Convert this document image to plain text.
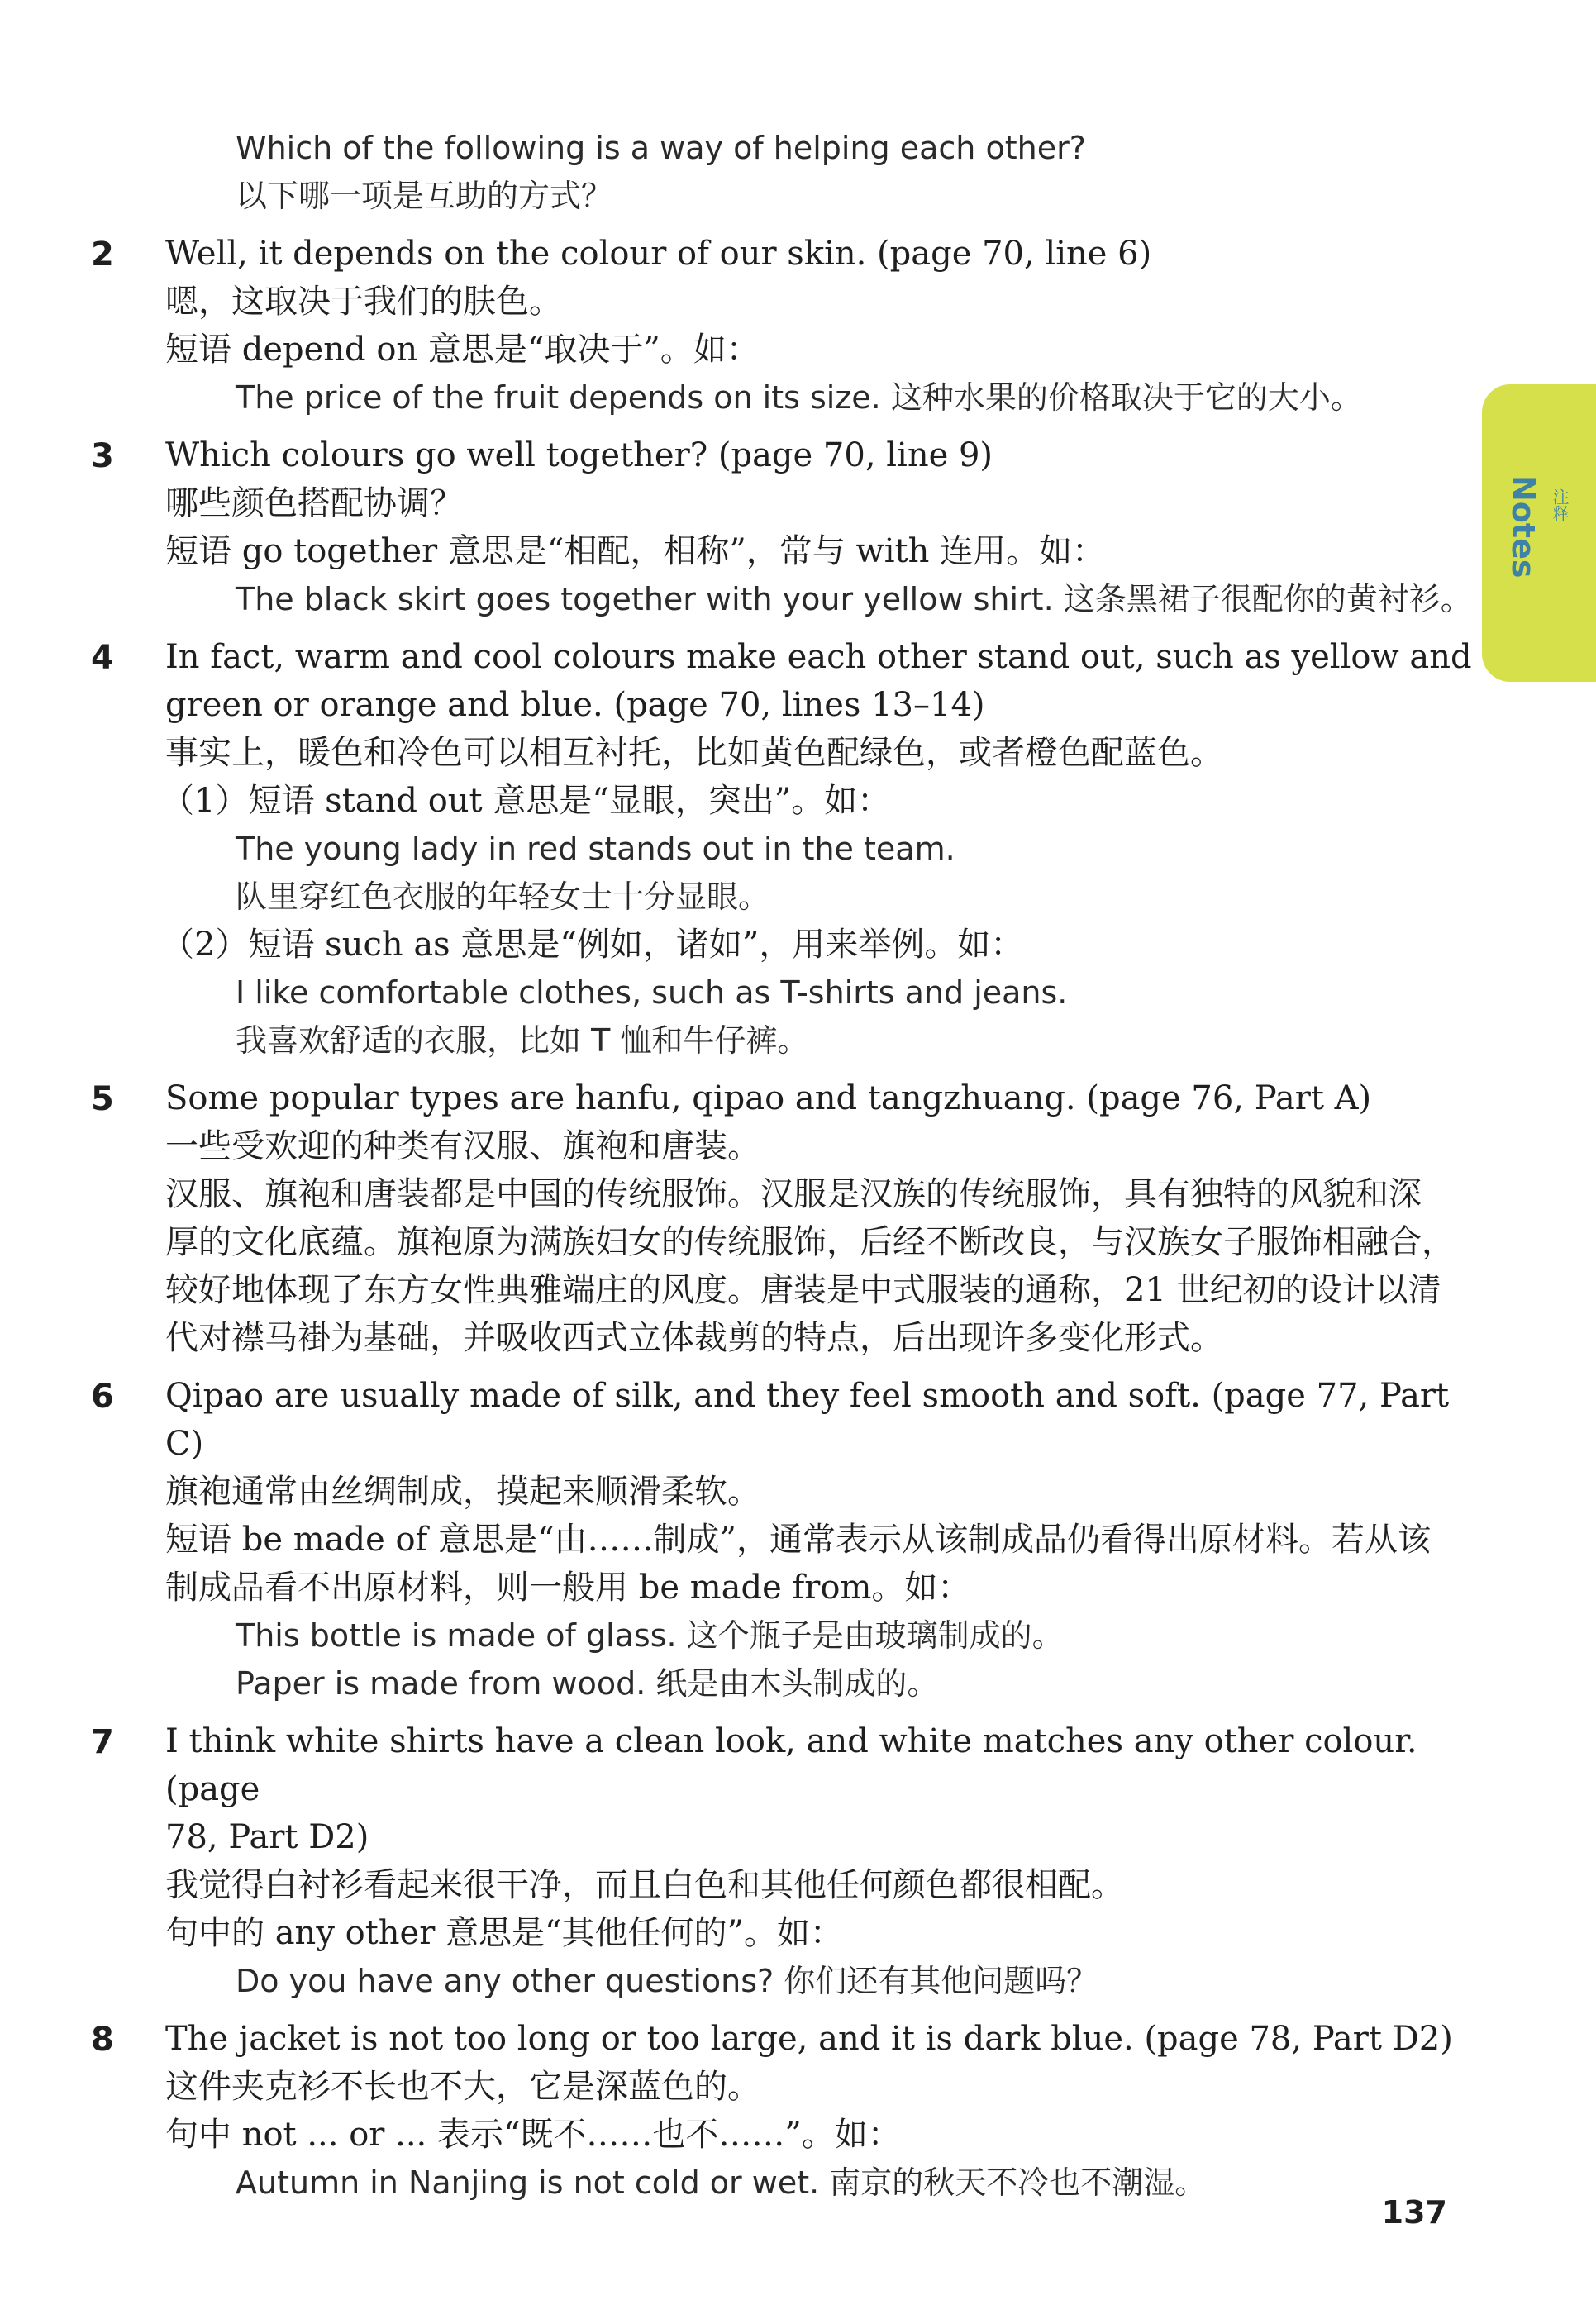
Which of the following is a way of helping each other?
以下哪一项是互助的方式？
2	Well, it depends on the colour of our skin. (page 70, line 6)
嗯，这取决于我们的肤色。
短语 depend on 意思是“取决于”。如：
The price of the fruit depends on its size. 这种水果的价格取决于它的大小。
3	Which colours go well together? (page 70, line 9)
哪些颜色搭配协调？
短语 go together 意思是“相配，相称”，常与 with 连用。如：
The black skirt goes together with your yellow shirt. 这条黑裙子很配你的黄衬衫。
4	In fact, warm and cool colours make each other stand out, such as yellow and
green or orange and blue. (page 70, lines 13–14)
事实上，暖色和冷色可以相互衬托，比如黄色配绿色，或者橙色配蓝色。
（1）短语 stand out 意思是“显眼，突出”。如：
The young lady in red stands out in the team.
队里穿红色衣服的年轻女士十分显眼。
（2）短语 such as 意思是“例如，诸如”，用来举例。如：
I like comfortable clothes, such as T-shirts and jeans.
我喜欢舒适的衣服，比如 T 恤和牛仔裤。
5	Some popular types are hanfu, qipao and tangzhuang. (page 76, Part A)
一些受欢迎的种类有汉服、旗袍和唐装。
汉服、旗袍和唐装都是中国的传统服饰。汉服是汉族的传统服饰，具有独特的风貌和深
厚的文化底蕴。旗袍原为满族妇女的传统服饰，后经不断改良，与汉族女子服饰相融合，
较好地体现了东方女性典雅端庄的风度。唐装是中式服装的通称，21 世纪初的设计以清
代对襟马褂为基础，并吸收西式立体裁剪的特点，后出现许多变化形式。
6	Qipao are usually made of silk, and they feel smooth and soft. (page 77, Part C)
旗袍通常由丝绸制成，摸起来顺滑柔软。
短语 be made of 意思是“由……制成”，通常表示从该制成品仍看得出原材料。若从该
制成品看不出原材料，则一般用 be made from。如：
This bottle is made of glass. 这个瓶子是由玻璃制成的。
Paper is made from wood. 纸是由木头制成的。
7	I think white shirts have a clean look, and white matches any other colour. (page
78, Part D2)
我觉得白衬衫看起来很干净，而且白色和其他任何颜色都很相配。
句中的 any other 意思是“其他任何的”。如：
Do you have any other questions? 你们还有其他问题吗？
8	The jacket is not too long or too large, and it is dark blue. (page 78, Part D2)
这件夹克衫不长也不大，它是深蓝色的。
句中 not ... or ... 表示“既不……也不……”。如：
Autumn in Nanjing is not cold or wet. 南京的秋天不冷也不潮湿。
Notes 注释
137
